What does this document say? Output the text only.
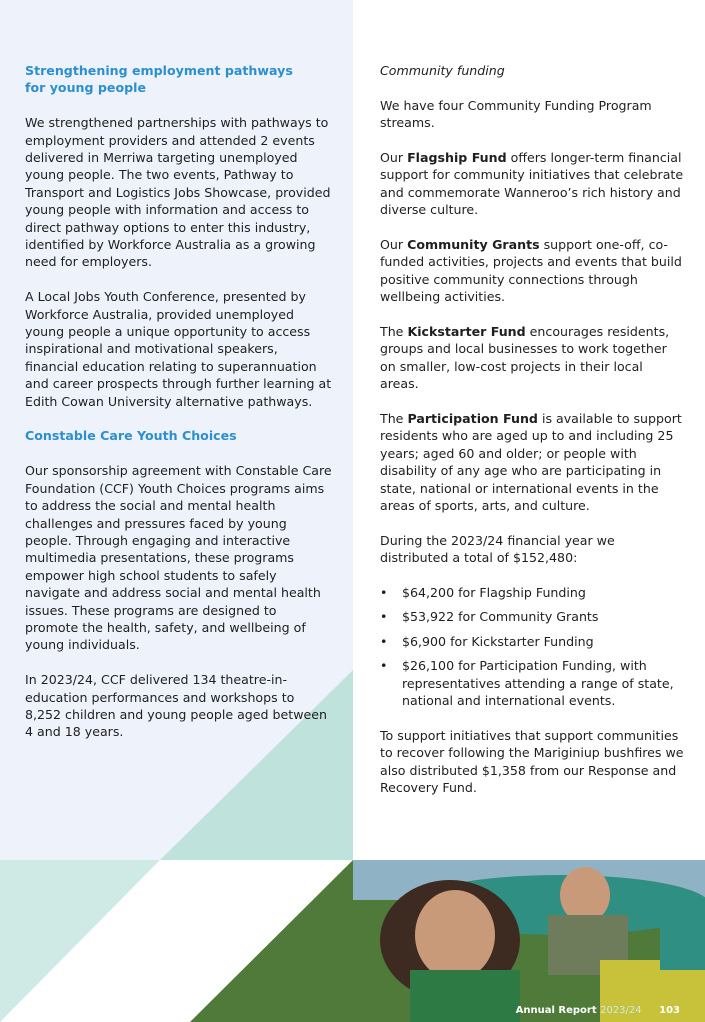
Strengthening employment pathways
for young people

We strengthened partnerships with pathways to employment providers and attended 2 events delivered in Merriwa targeting unemployed young people. The two events, Pathway to Transport and Logistics Jobs Showcase, provided young people with information and access to direct pathway options to enter this industry, identified by Workforce Australia as a growing need for employers.

A Local Jobs Youth Conference, presented by Workforce Australia, provided unemployed young people a unique opportunity to access inspirational and motivational speakers, financial education relating to superannuation and career prospects through further learning at Edith Cowan University alternative pathways.

Constable Care Youth Choices

Our sponsorship agreement with Constable Care Foundation (CCF) Youth Choices programs aims to address the social and mental health challenges and pressures faced by young people. Through engaging and interactive multimedia presentations, these programs empower high school students to safely navigate and address social and mental health issues. These programs are designed to promote the health, safety, and wellbeing of young individuals.

In 2023/24, CCF delivered 134 theatre-in-education performances and workshops to 8,252 children and young people aged between 4 and 18 years.

Community funding

We have four Community Funding Program streams.

Our Flagship Fund offers longer-term financial support for community initiatives that celebrate and commemorate Wanneroo’s rich history and diverse culture.

Our Community Grants support one-off, co-funded activities, projects and events that build positive community connections through wellbeing activities.

The Kickstarter Fund encourages residents, groups and local businesses to work together on smaller, low-cost projects in their local areas.

The Participation Fund is available to support residents who are aged up to and including 25 years; aged 60 and older; or people with disability of any age who are participating in state, national or international events in the areas of sports, arts, and culture.

During the 2023/24 financial year we distributed a total of $152,480:

• $64,200 for Flagship Funding
• $53,922 for Community Grants
• $6,900 for Kickstarter Funding
• $26,100 for Participation Funding, with representatives attending a range of state, national and international events.

To support initiatives that support communities to recover following the Mariginiup bushfires we also distributed $1,358 from our Response and Recovery Fund.

Annual Report 2023/24 103
